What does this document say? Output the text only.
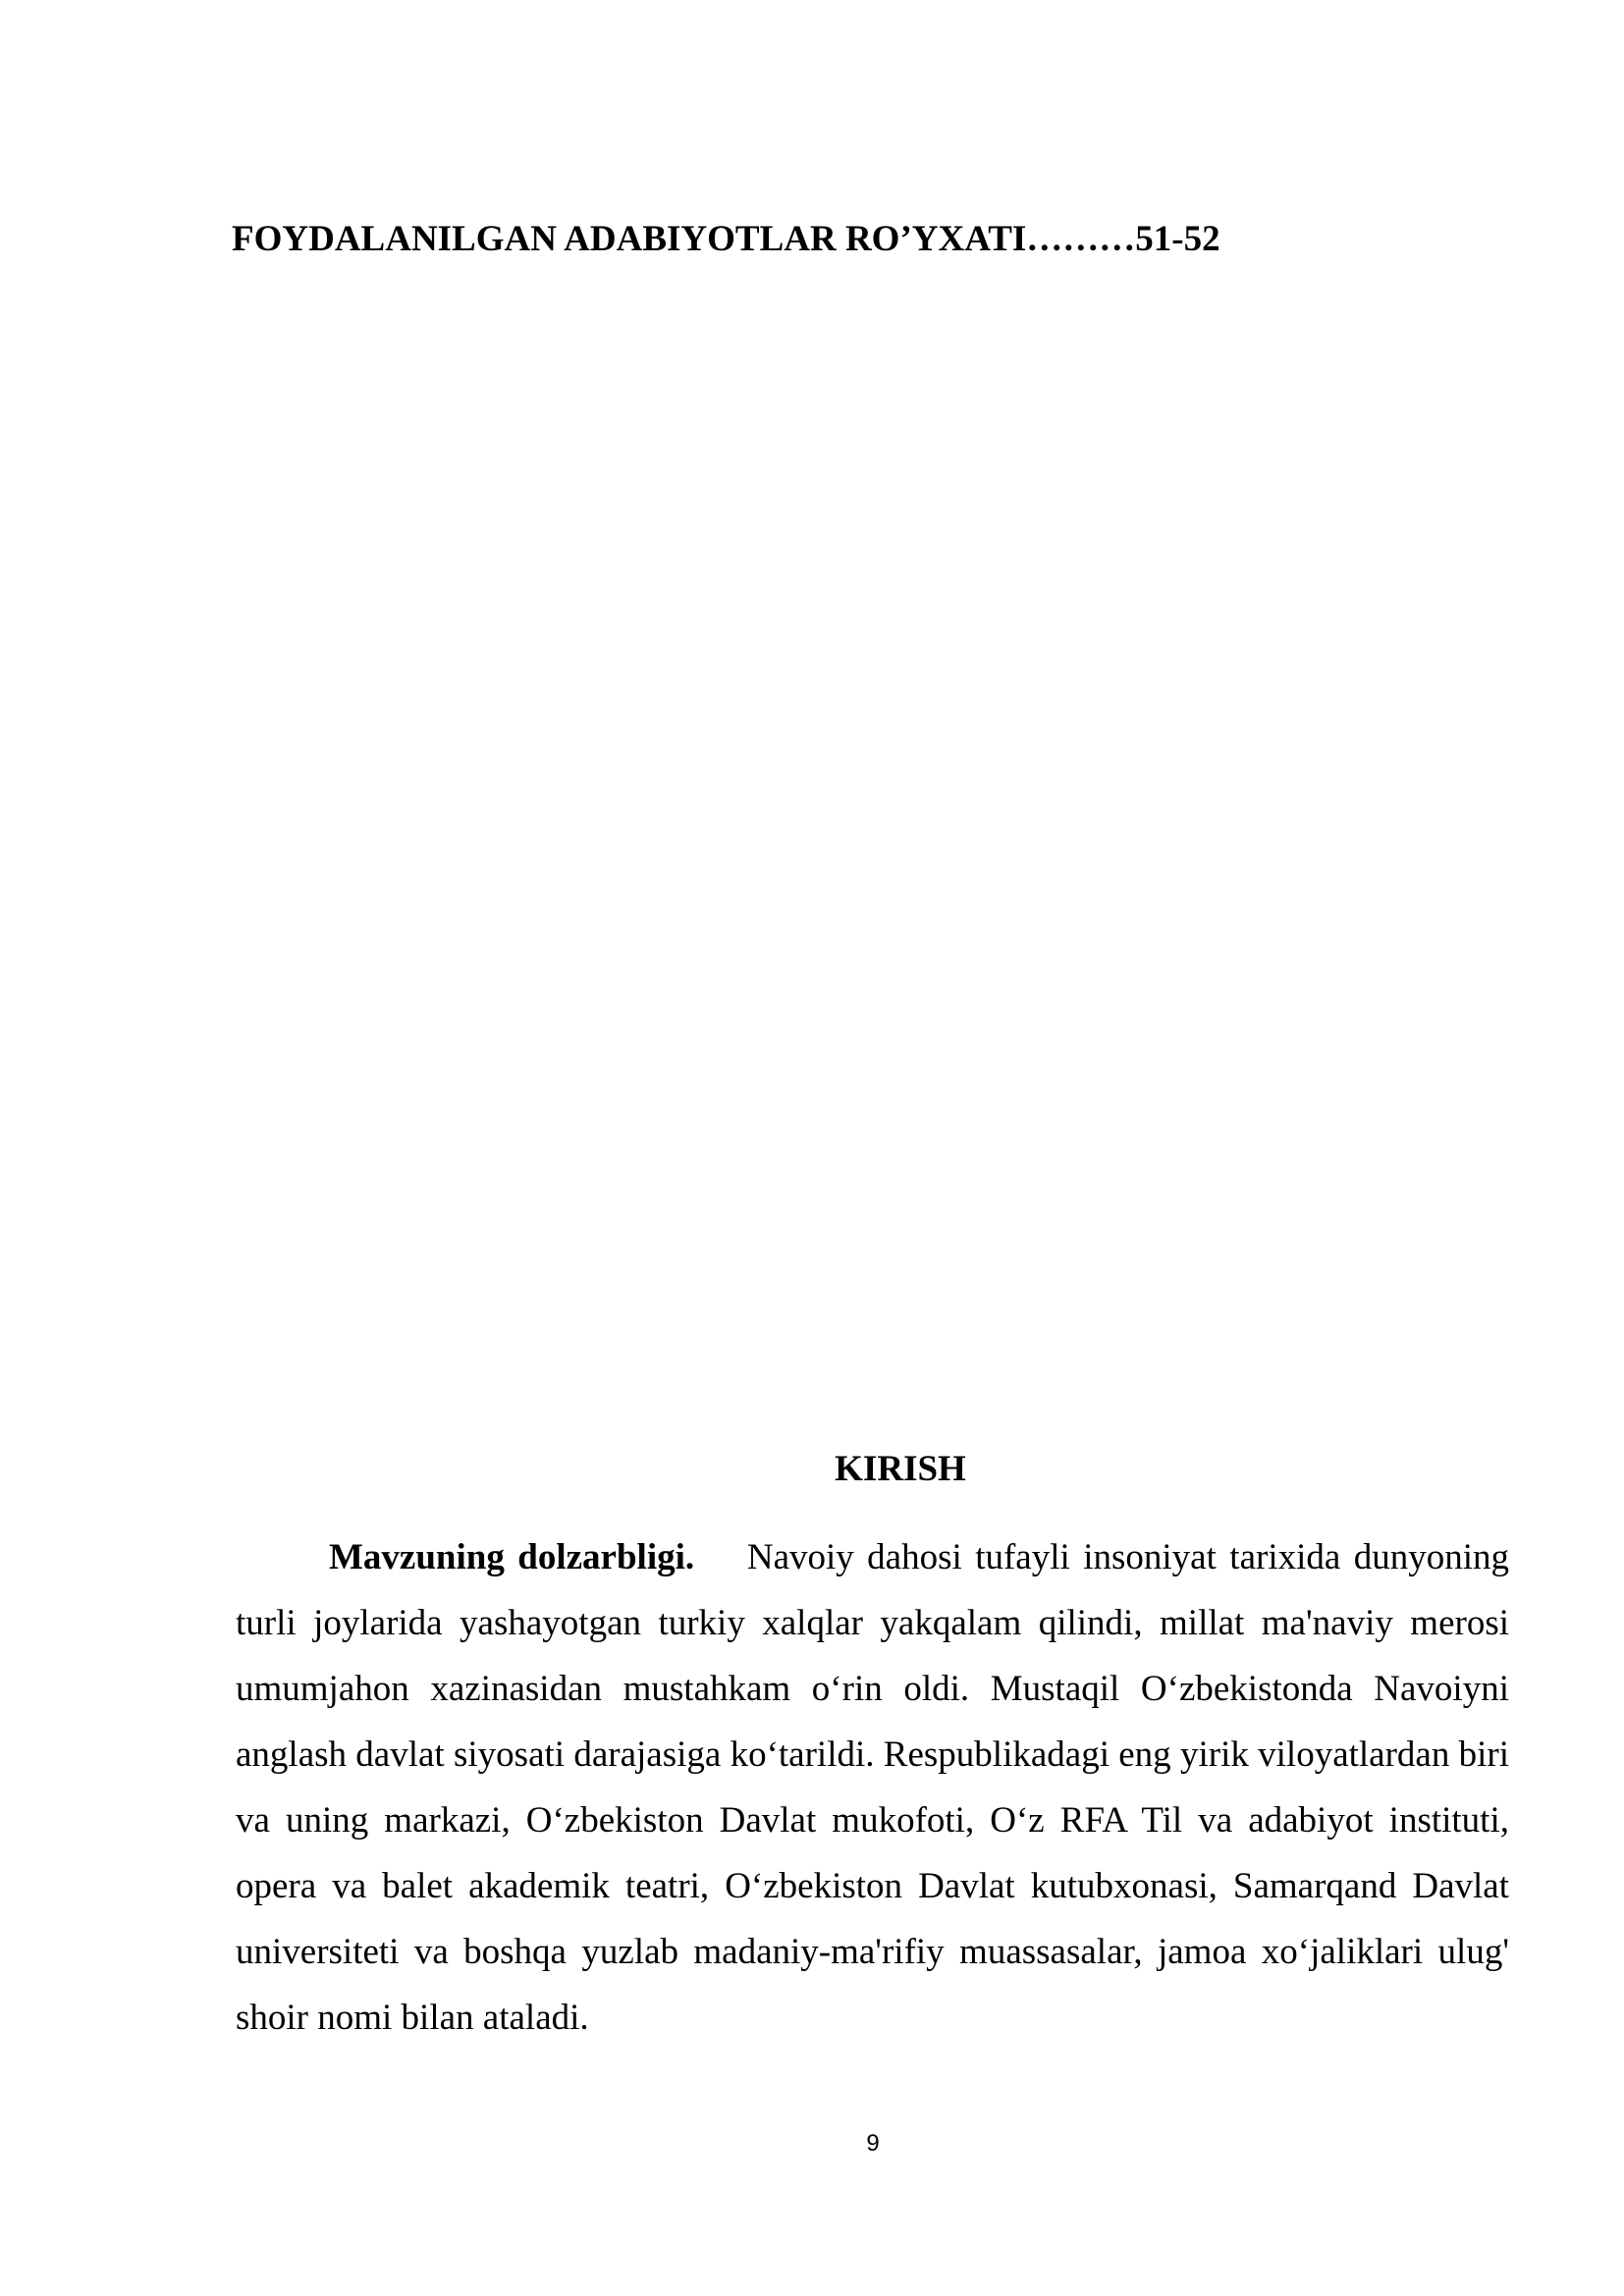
FOYDALANILGAN ADABIYOTLAR RO’YXATI………51-52

KIRISH

Mavzuning dolzarbligi. Navoiy dahosi tufayli insoniyat tarixida dunyoning turli joylarida yashayotgan turkiy xalqlar yakqalam qilindi, millat ma'naviy merosi umumjahon xazinasidan mustahkam o‘rin oldi. Mustaqil O‘zbekistonda Navoiyni anglash davlat siyosati darajasiga ko‘tarildi. Respublikadagi eng yirik viloyatlardan biri va uning markazi, O‘zbekiston Davlat mukofoti, O‘z RFA Til va adabiyot instituti, opera va balet akademik teatri, O‘zbekiston Davlat kutubxonasi, Samarqand Davlat universiteti va boshqa yuzlab madaniy-ma'rifiy muassasalar, jamoa xo‘jaliklari ulug' shoir nomi bilan ataladi.

9
